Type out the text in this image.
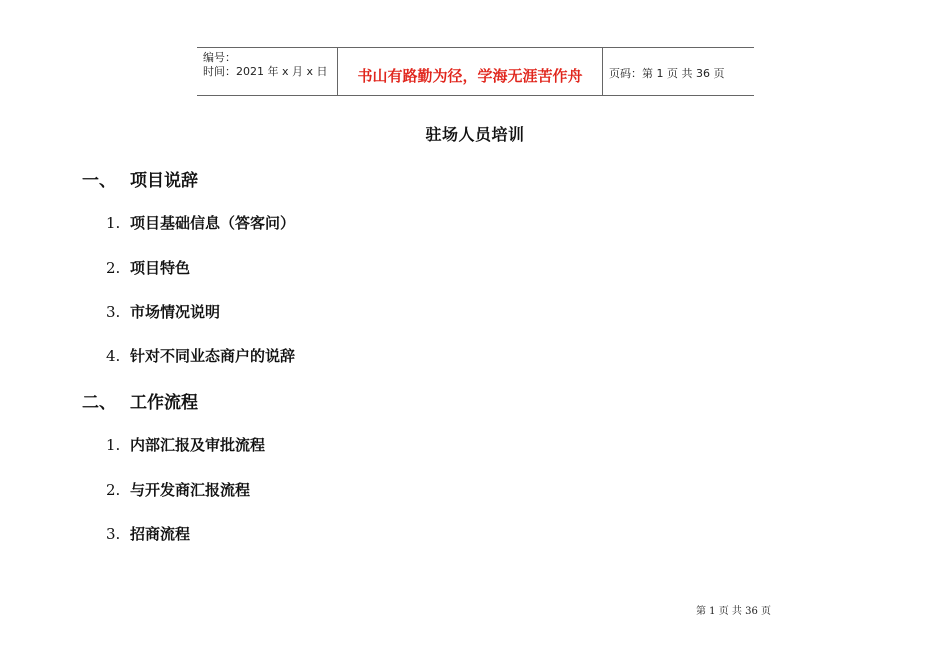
编号：
时间：2021 年 x 月 x 日	书山有路勤为径，学海无涯苦作舟	页码：第 1 页 共 36 页
驻场人员培训
一、 项目说辞
1. 项目基础信息（答客问）
2. 项目特色
3. 市场情况说明
4. 针对不同业态商户的说辞
二、 工作流程
1. 内部汇报及审批流程
2. 与开发商汇报流程
3. 招商流程
第 1 页 共 36 页
